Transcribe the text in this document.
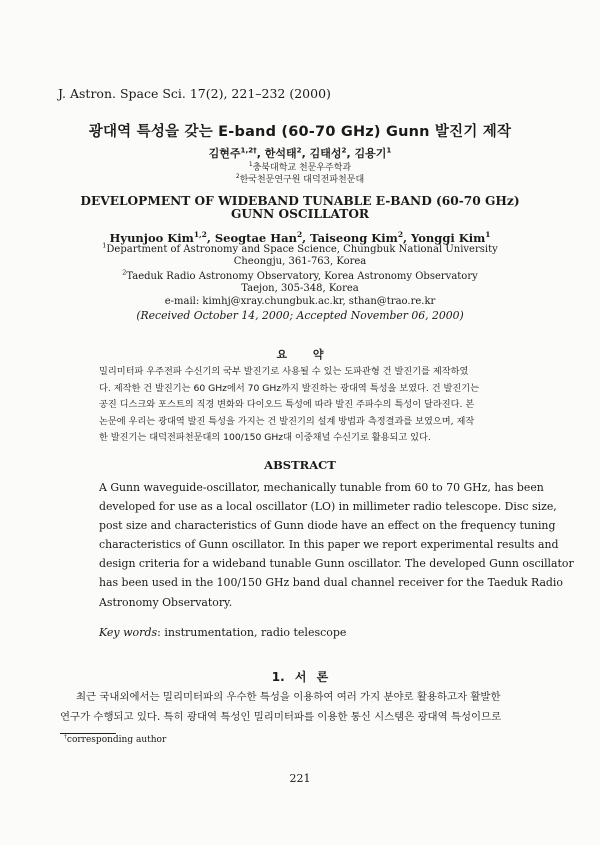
J. Astron. Space Sci. 17(2), 221–232 (2000)
광대역 특성을 갖는 E-band (60-70 GHz) Gunn 발진기 제작
김현주$^{1,2\dagger}$, 한석태$^2$, 김태성$^2$, 김용기$^1$
$^1$충북대학교 천문우주학과
$^2$한국천문연구원 대덕전파천문대
DEVELOPMENT OF WIDEBAND TUNABLE E-BAND (60-70 GHz)
GUNN OSCILLATOR
Hyunjoo Kim$^{1,2}$, Seogtae Han$^2$, Taiseong Kim$^2$, Yonggi Kim$^1$
$^1$Department of Astronomy and Space Science, Chungbuk National University
Cheongju, 361-763, Korea
$^2$Taeduk Radio Astronomy Observatory, Korea Astronomy Observatory
Taejon, 305-348, Korea
e-mail: kimhj@xray.chungbuk.ac.kr, sthan@trao.re.kr
(Received October 14, 2000; Accepted November 06, 2000)
요 약
밀리미터파 우주전파 수신기의 국부 발진기로 사용될 수 있는 도파관형 건 발진기를 제작하였
다. 제작한 건 발진기는 60 GHz에서 70 GHz까지 발진하는 광대역 특성을 보였다. 건 발진기는
공진 디스크와 포스트의 직경 변화와 다이오드 특성에 따라 발진 주파수의 특성이 달라진다. 본
논문에 우리는 광대역 발진 특성을 가지는 건 발진기의 설계 방법과 측정결과를 보였으며, 제작
한 발진기는 대덕전파천문대의 100/150 GHz대 이중채널 수신기로 활용되고 있다.
ABSTRACT
A Gunn waveguide-oscillator, mechanically tunable from 60 to 70 GHz, has been
developed for use as a local oscillator (LO) in millimeter radio telescope. Disc size,
post size and characteristics of Gunn diode have an effect on the frequency tuning
characteristics of Gunn oscillator. In this paper we report experimental results and
design criteria for a wideband tunable Gunn oscillator. The developed Gunn oscillator
has been used in the 100/150 GHz band dual channel receiver for the Taeduk Radio
Astronomy Observatory.
Key words: instrumentation, radio telescope
1. 서 론
최근 국내외에서는 밀리미터파의 우수한 특성을 이용하여 여러 가지 분야로 활용하고자 활발한
연구가 수행되고 있다. 특히 광대역 특성인 밀리미터파를 이용한 통신 시스템은 광대역 특성이므로
†corresponding author
221
